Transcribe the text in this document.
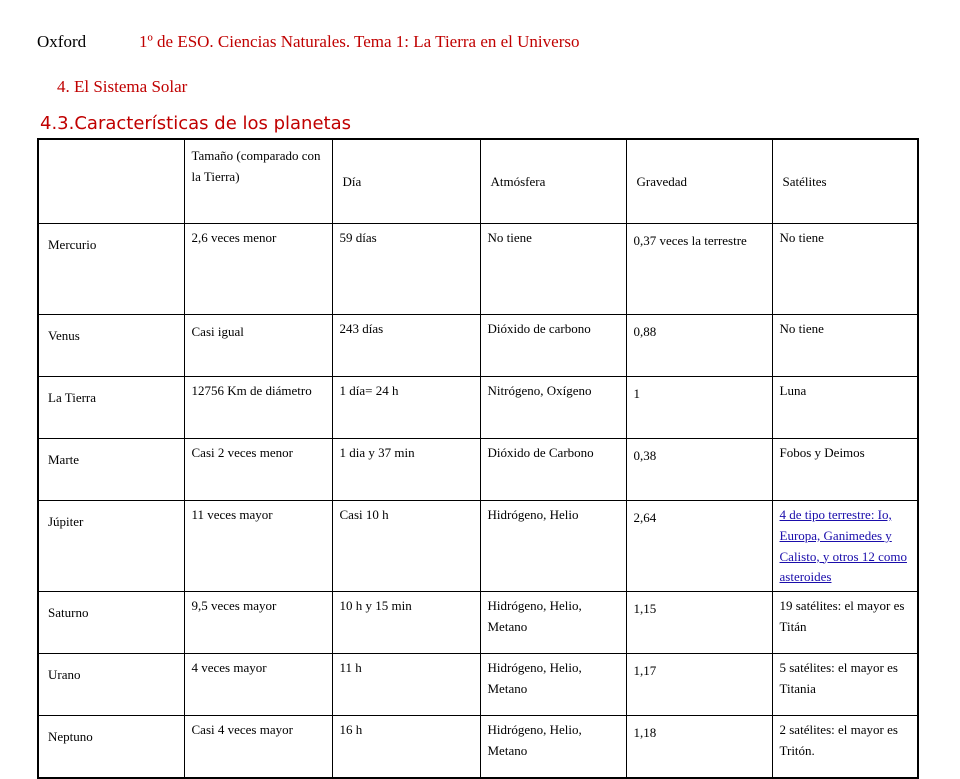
Oxford	1º de ESO. Ciencias Naturales. Tema 1: La Tierra en el Universo
4. El Sistema Solar
4.3.Características de los planetas
	Tamaño (comparado con la Tierra)	Día	Atmósfera	Gravedad	Satélites
Mercurio	2,6 veces menor	59 días	No tiene	0,37 veces la terrestre	No tiene
Venus	Casi igual	243 días	Dióxido de carbono	0,88	No tiene
La Tierra	12756 Km de diámetro	1 día= 24 h	Nitrógeno, Oxígeno	1	Luna
Marte	Casi 2 veces menor	1 dia y 37 min	Dióxido de Carbono	0,38	Fobos y Deimos
Júpiter	11 veces mayor	Casi 10 h	Hidrógeno, Helio	2,64	4 de tipo terrestre: Io, Europa, Ganimedes y Calisto, y otros 12 como asteroides
Saturno	9,5 veces mayor	10 h y 15 min	Hidrógeno, Helio, Metano	1,15	19 satélites: el mayor es Titán
Urano	4 veces mayor	11 h	Hidrógeno, Helio, Metano	1,17	5 satélites: el mayor es Titania
Neptuno	Casi 4 veces mayor	16 h	Hidrógeno, Helio, Metano	1,18	2 satélites: el mayor es Tritón.
